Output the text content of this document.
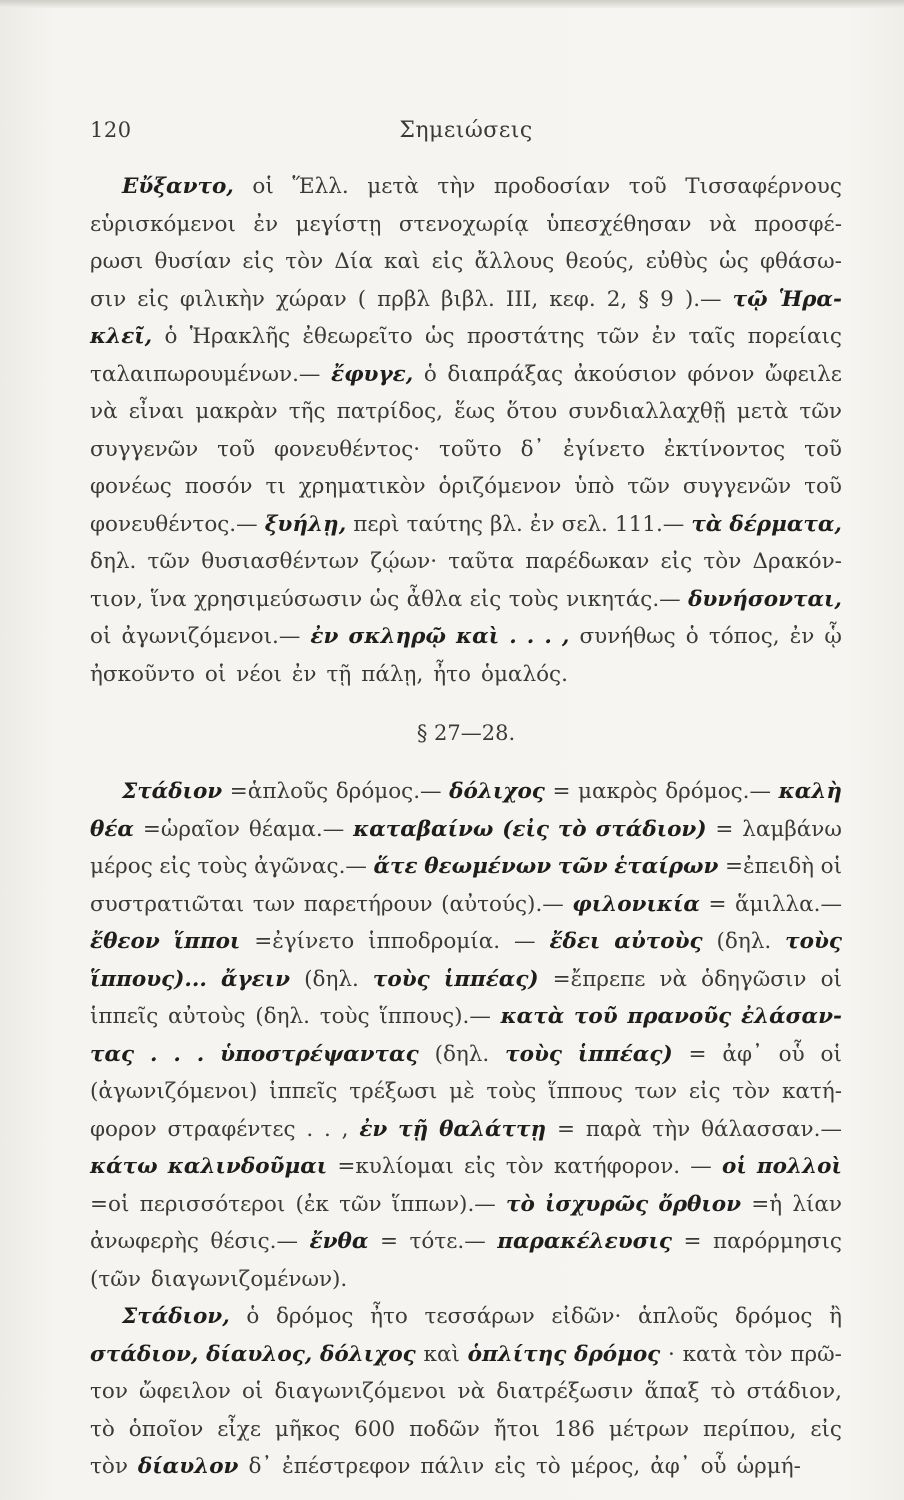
120	Σημειώσεις
Εὔξαντο, οἱ Ἕλλ. μετὰ τὴν προδοσίαν τοῦ Τισσαφέρνους
εὑρισκόμενοι ἐν μεγίστῃ στενοχωρίᾳ ὑπεσχέθησαν νὰ προσφέ-
ρωσι θυσίαν εἰς τὸν Δία καὶ εἰς ἄλλους θεούς, εὐθὺς ὡς φθάσω-
σιν εἰς φιλικὴν χώραν ( πρβλ βιβλ. ΙΙΙ, κεφ. 2, § 9 ).— τῷ Ἡρα-
κλεῖ, ὁ Ἡρακλῆς ἐθεωρεῖτο ὡς προστάτης τῶν ἐν ταῖς πορείαις
ταλαιπωρουμένων.— ἔφυγε, ὁ διαπράξας ἀκούσιον φόνον ὤφειλε
νὰ εἶναι μακρὰν τῆς πατρίδος, ἕως ὅτου συνδιαλλαχθῇ μετὰ τῶν
συγγενῶν τοῦ φονευθέντος· τοῦτο δ᾽ ἐγίνετο ἐκτίνοντος τοῦ
φονέως ποσόν τι χρηματικὸν ὁριζόμενον ὑπὸ τῶν συγγενῶν τοῦ
φονευθέντος.— ξυήλῃ, περὶ ταύτης βλ. ἐν σελ. 111.— τὰ δέρματα,
δηλ. τῶν θυσιασθέντων ζῴων· ταῦτα παρέδωκαν εἰς τὸν Δρακόν-
τιον, ἵνα χρησιμεύσωσιν ὡς ἆθλα εἰς τοὺς νικητάς.— δυνήσονται,
οἱ ἀγωνιζόμενοι.— ἐν σκληρῷ καὶ . . . , συνήθως ὁ τόπος, ἐν ᾧ
ἠσκοῦντο οἱ νέοι ἐν τῇ πάλῃ, ἦτο ὁμαλός.
§ 27—28.
Στάδιον =ἁπλοῦς δρόμος.— δόλιχος = μακρὸς δρόμος.— καλὴ
θέα =ὡραῖον θέαμα.— καταβαίνω (εἰς τὸ στάδιον) = λαμβάνω
μέρος εἰς τοὺς ἀγῶνας.— ἅτε θεωμένων τῶν ἑταίρων =ἐπειδὴ οἱ
συστρατιῶται των παρετήρουν (αὐτούς).— φιλονικία = ἅμιλλα.—
ἔθεον ἵπποι =ἐγίνετο ἱπποδρομία. — ἔδει αὐτοὺς (δηλ. τοὺς
ἵππους)... ἄγειν (δηλ. τοὺς ἱππέας) =ἔπρεπε νὰ ὁδηγῶσιν οἱ
ἱππεῖς αὐτοὺς (δηλ. τοὺς ἵππους).— κατὰ τοῦ πρανοῦς ἐλάσαν-
τας . . . ὑποστρέψαντας (δηλ. τοὺς ἱππέας) = ἀφ᾽ οὗ οἱ
(ἀγωνιζόμενοι) ἱππεῖς τρέξωσι μὲ τοὺς ἵππους των εἰς τὸν κατή-
φορον στραφέντες . . , ἐν τῇ θαλάττῃ = παρὰ τὴν θάλασσαν.—
κάτω καλινδοῦμαι =κυλίομαι εἰς τὸν κατήφορον. — οἱ πολλοὶ
=οἱ περισσότεροι (ἐκ τῶν ἵππων).— τὸ ἰσχυρῶς ὄρθιον =ἡ λίαν
ἀνωφερὴς θέσις.— ἔνθα = τότε.— παρακέλευσις = παρόρμησις
(τῶν διαγωνιζομένων).
Στάδιον, ὁ δρόμος ἦτο τεσσάρων εἰδῶν· ἁπλοῦς δρόμος ἢ
στάδιον, δίαυλος, δόλιχος καὶ ὁπλίτης δρόμος · κατὰ τὸν πρῶ-
τον ὤφειλον οἱ διαγωνιζόμενοι νὰ διατρέξωσιν ἅπαξ τὸ στάδιον,
τὸ ὁποῖον εἶχε μῆκος 600 ποδῶν ἤτοι 186 μέτρων περίπου, εἰς
τὸν δίαυλον δ᾽ ἐπέστρεφον πάλιν εἰς τὸ μέρος, ἀφ᾽ οὗ ὡρμή-
